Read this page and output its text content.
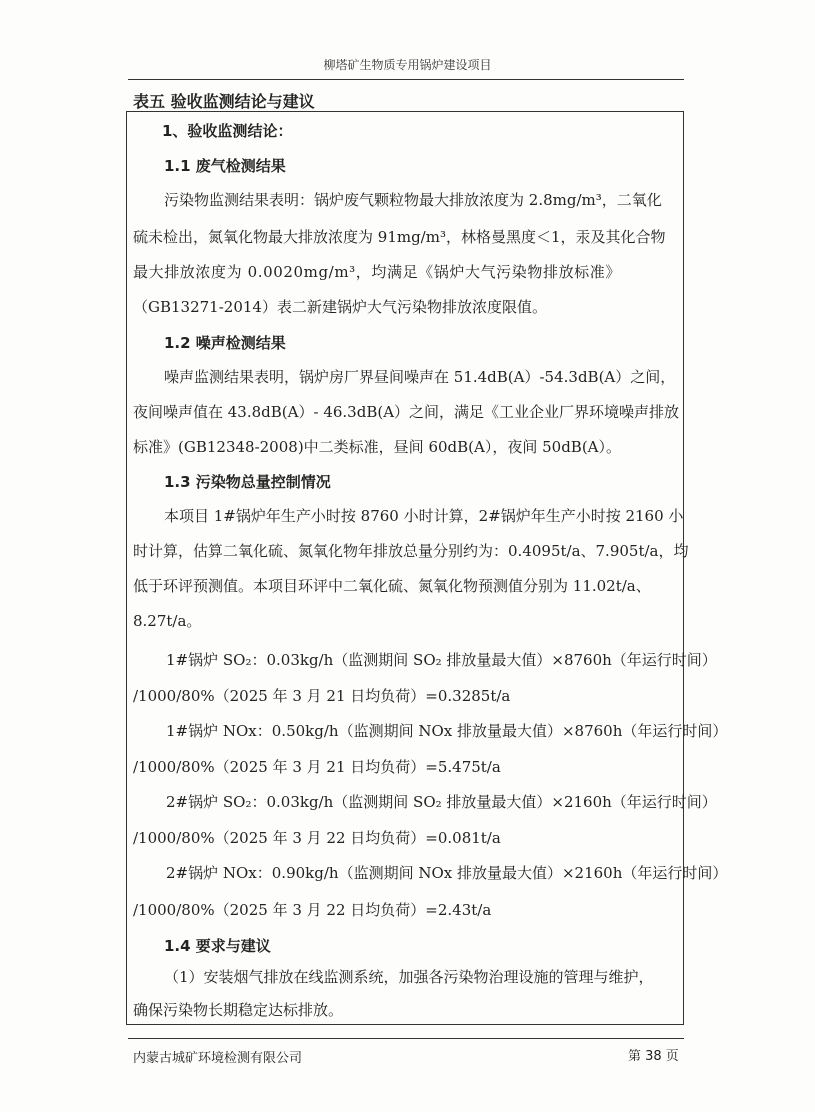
柳塔矿生物质专用锅炉建设项目
表五 验收监测结论与建议
1、验收监测结论：
1.1 废气检测结果
污染物监测结果表明：锅炉废气颗粒物最大排放浓度为 2.8mg/m³，二氧化
硫未检出，氮氧化物最大排放浓度为 91mg/m³，林格曼黑度＜1，汞及其化合物
最大排放浓度为 0.0020mg/m³，均满足《锅炉大气污染物排放标准》
（GB13271-2014）表二新建锅炉大气污染物排放浓度限值。
1.2 噪声检测结果
噪声监测结果表明，锅炉房厂界昼间噪声在 51.4dB(A）-54.3dB(A）之间，
夜间噪声值在 43.8dB(A）- 46.3dB(A）之间，满足《工业企业厂界环境噪声排放
标准》(GB12348-2008)中二类标准，昼间 60dB(A），夜间 50dB(A）。
1.3 污染物总量控制情况
本项目 1#锅炉年生产小时按 8760 小时计算，2#锅炉年生产小时按 2160 小
时计算，估算二氧化硫、氮氧化物年排放总量分别约为：0.4095t/a、7.905t/a，均
低于环评预测值。本项目环评中二氧化硫、氮氧化物预测值分别为 11.02t/a、
8.27t/a。
1#锅炉 SO₂：0.03kg/h（监测期间 SO₂ 排放量最大值）×8760h（年运行时间）
/1000/80%（2025 年 3 月 21 日均负荷）=0.3285t/a
1#锅炉 NOx：0.50kg/h（监测期间 NOx 排放量最大值）×8760h（年运行时间）
/1000/80%（2025 年 3 月 21 日均负荷）=5.475t/a
2#锅炉 SO₂：0.03kg/h（监测期间 SO₂ 排放量最大值）×2160h（年运行时间）
/1000/80%（2025 年 3 月 22 日均负荷）=0.081t/a
2#锅炉 NOx：0.90kg/h（监测期间 NOx 排放量最大值）×2160h（年运行时间）
/1000/80%（2025 年 3 月 22 日均负荷）=2.43t/a
1.4 要求与建议
（1）安装烟气排放在线监测系统，加强各污染物治理设施的管理与维护，
确保污染物长期稳定达标排放。
内蒙古城矿环境检测有限公司	第 38 页
